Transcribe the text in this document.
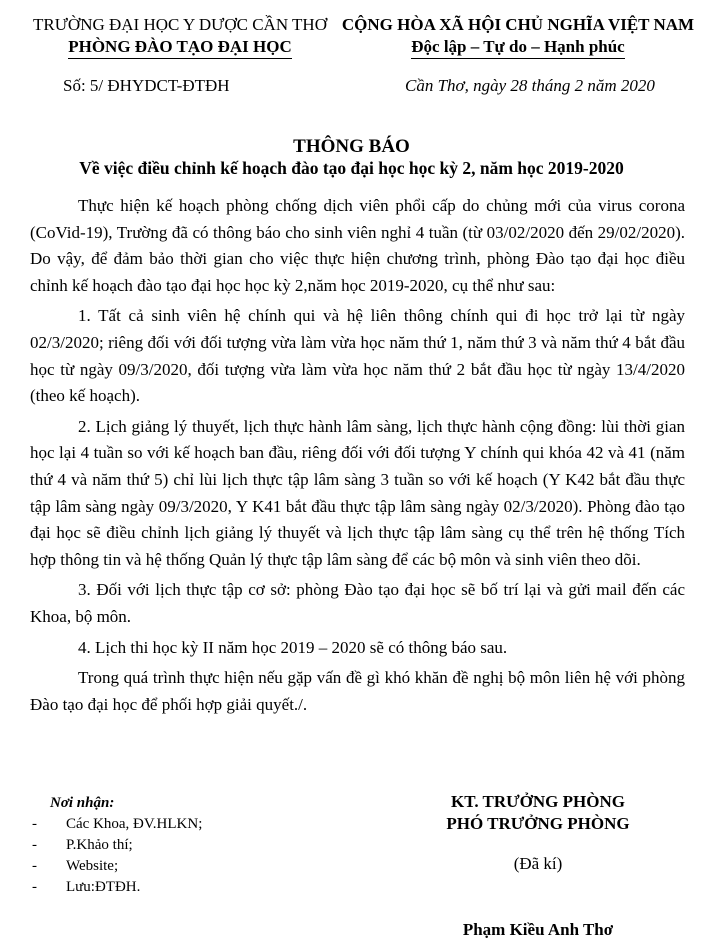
TRƯỜNG ĐẠI HỌC Y DƯỢC CẦN THƠ
PHÒNG ĐÀO TẠO ĐẠI HỌC
CỘNG HÒA XÃ HỘI CHỦ NGHĨA VIỆT NAM
Độc lập – Tự do – Hạnh phúc
Số: 5/ ĐHYDCT-ĐTĐH	Cần Thơ, ngày 28 tháng 2 năm 2020
THÔNG BÁO
Về việc điều chỉnh kế hoạch đào tạo đại học học kỳ 2, năm học 2019-2020

Thực hiện kế hoạch phòng chống dịch viên phổi cấp do chủng mới của virus corona (CoVid-19), Trường đã có thông báo cho sinh viên nghỉ 4 tuần (từ 03/02/2020 đến 29/02/2020). Do vậy, để đảm bảo thời gian cho việc thực hiện chương trình, phòng Đào tạo đại học điều chỉnh kế hoạch đào tạo đại học học kỳ 2,năm học 2019-2020, cụ thể như sau:

1. Tất cả sinh viên hệ chính qui và hệ liên thông chính qui đi học trở lại từ ngày 02/3/2020; riêng đối với đối tượng vừa làm vừa học năm thứ 1, năm thứ 3 và năm thứ 4 bắt đầu học từ ngày 09/3/2020, đối tượng vừa làm vừa học năm thứ 2 bắt đầu học từ ngày 13/4/2020 (theo kế hoạch).

2. Lịch giảng lý thuyết, lịch thực hành lâm sàng, lịch thực hành cộng đồng: lùi thời gian học lại 4 tuần so với kế hoạch ban đầu, riêng đối với đối tượng Y chính qui khóa 42 và 41 (năm thứ 4 và năm thứ 5) chỉ lùi lịch thực tập lâm sàng 3 tuần so với kế hoạch (Y K42 bắt đầu thực tập lâm sàng ngày 09/3/2020, Y K41 bắt đầu thực tập lâm sàng ngày 02/3/2020). Phòng đào tạo đại học sẽ điều chỉnh lịch giảng lý thuyết và lịch thực tập lâm sàng cụ thể trên hệ thống Tích hợp thông tin và hệ thống Quản lý thực tập lâm sàng để các bộ môn và sinh viên theo dõi.

3. Đối với lịch thực tập cơ sở: phòng Đào tạo đại học sẽ bố trí lại và gửi mail đến các Khoa, bộ môn.

4. Lịch thi học kỳ II năm học 2019 – 2020 sẽ có thông báo sau.

Trong quá trình thực hiện nếu gặp vấn đề gì khó khăn đề nghị bộ môn liên hệ với phòng Đào tạo đại học để phối hợp giải quyết./.

Nơi nhận:
-	Các Khoa, ĐV.HLKN;
-	P.Khảo thí;
-	Website;
-	Lưu:ĐTĐH.
KT. TRƯỞNG PHÒNG
PHÓ TRƯỞNG PHÒNG
(Đã kí)
Phạm Kiều Anh Thơ
